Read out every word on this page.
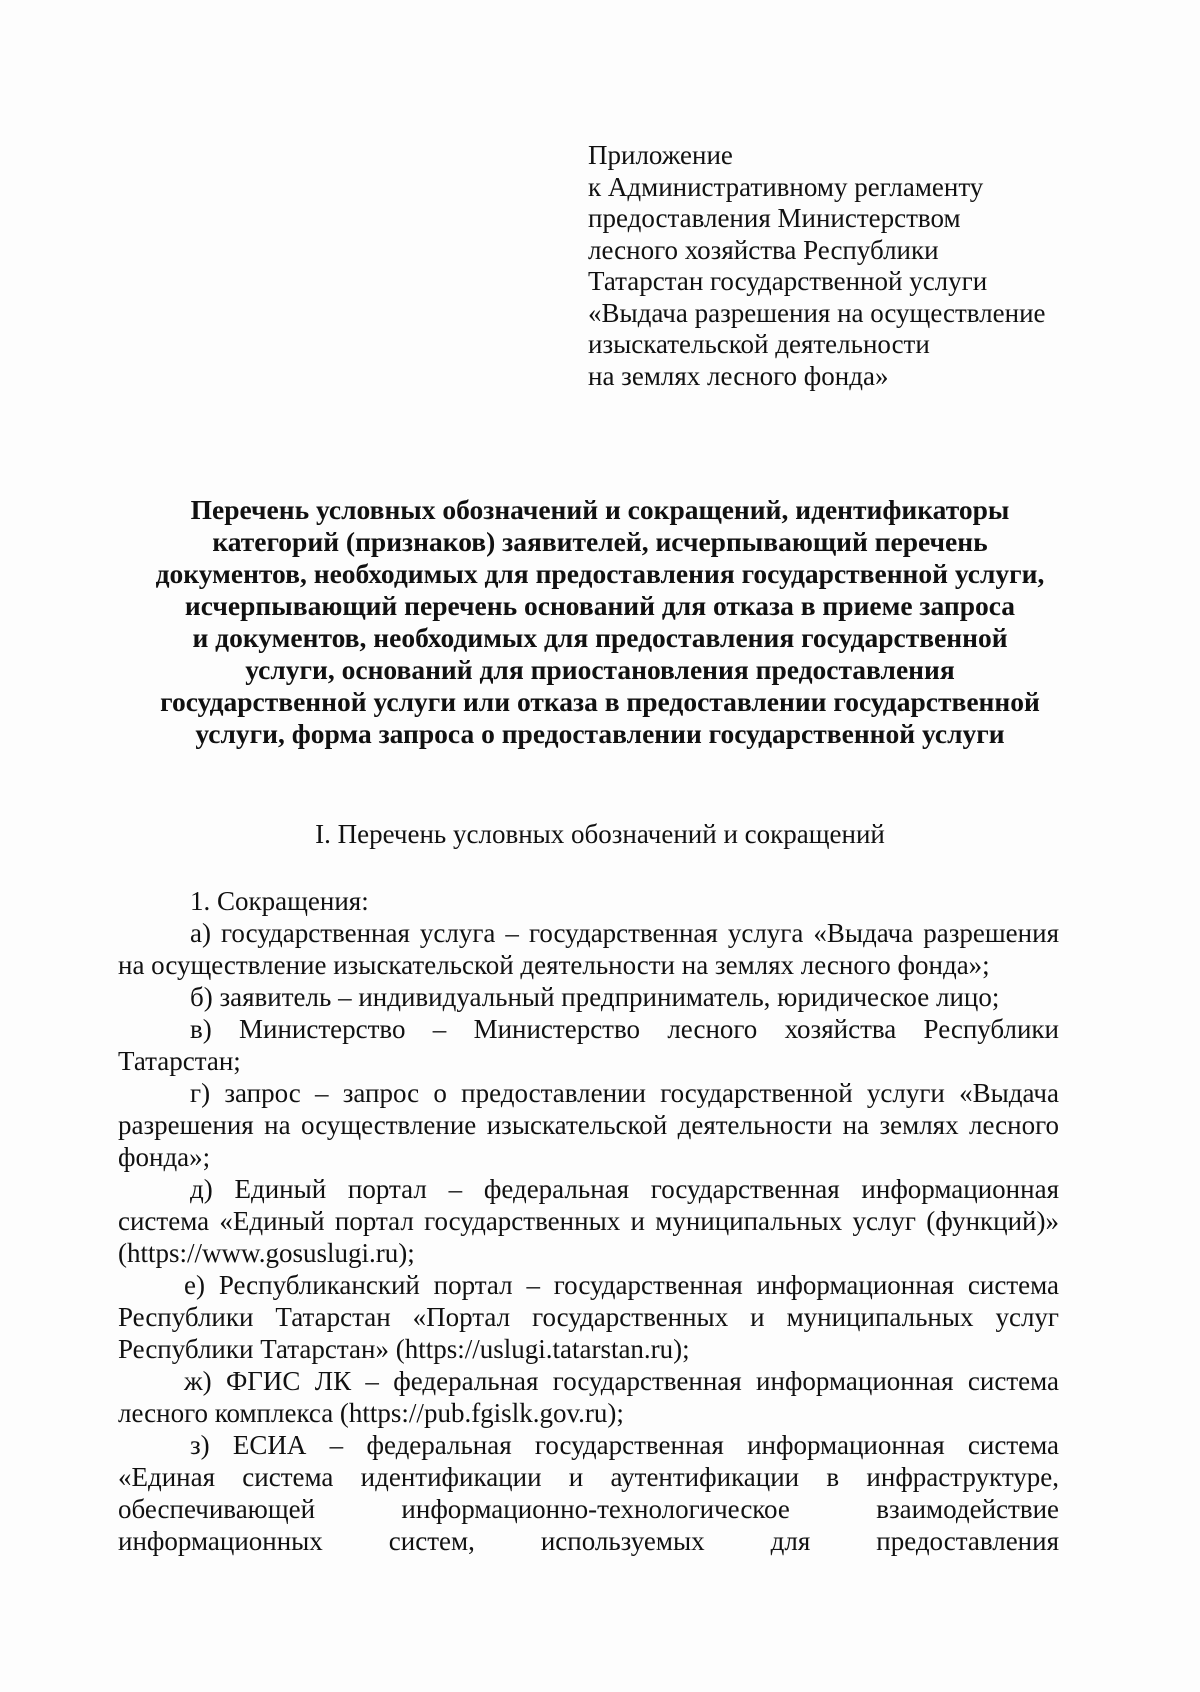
Приложение
к Административному регламенту
предоставления Министерством
лесного хозяйства Республики
Татарстан государственной услуги
«Выдача разрешения на осуществление
изыскательской деятельности
на землях лесного фонда»
Перечень условных обозначений и сокращений, идентификаторы
категорий (признаков) заявителей, исчерпывающий перечень
документов, необходимых для предоставления государственной услуги,
исчерпывающий перечень оснований для отказа в приеме запроса
и документов, необходимых для предоставления государственной
услуги, оснований для приостановления предоставления
государственной услуги или отказа в предоставлении государственной
услуги, форма запроса о предоставлении государственной услуги
I. Перечень условных обозначений и сокращений

1. Сокращения:

а) государственная услуга – государственная услуга «Выдача разрешения на осуществление изыскательской деятельности на землях лесного фонда»;

б) заявитель – индивидуальный предприниматель, юридическое лицо;

в) Министерство – Министерство лесного хозяйства Республики Татарстан;

г) запрос – запрос о предоставлении государственной услуги «Выдача разрешения на осуществление изыскательской деятельности на землях лесного фонда»;

д) Единый портал – федеральная государственная информационная система «Единый портал государственных и муниципальных услуг (функций)» (https://www.gosuslugi.ru);

е) Республиканский портал – государственная информационная система Республики Татарстан «Портал государственных и муниципальных услуг Республики Татарстан» (https://uslugi.tatarstan.ru);

ж) ФГИС ЛК – федеральная государственная информационная система лесного комплекса (https://pub.fgislk.gov.ru);

з) ЕСИА – федеральная государственная информационная система «Единая система идентификации и аутентификации в инфраструктуре, обеспечивающей информационно-технологическое взаимодействие информационных систем, используемых для предоставления
